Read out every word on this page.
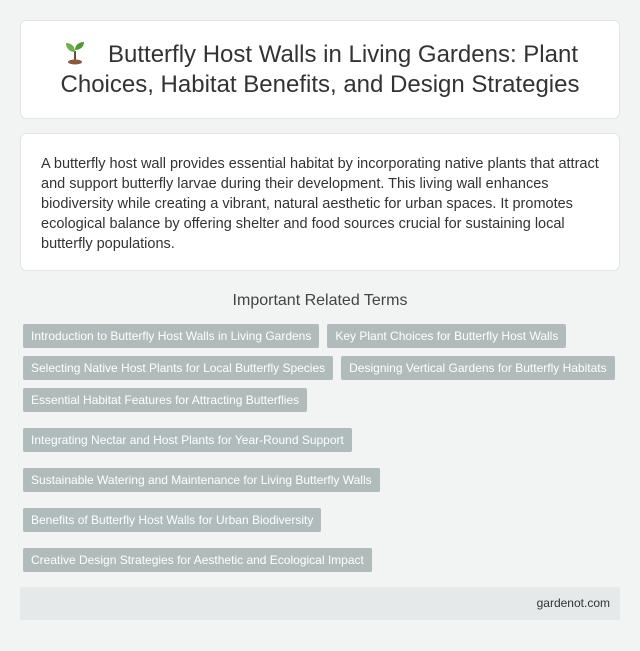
Butterfly Host Walls in Living Gardens: Plant Choices, Habitat Benefits, and Design Strategies

A butterfly host wall provides essential habitat by incorporating native plants that attract and support butterfly larvae during their development. This living wall enhances biodiversity while creating a vibrant, natural aesthetic for urban spaces. It promotes ecological balance by offering shelter and food sources crucial for sustaining local butterfly populations.

Important Related Terms
Introduction to Butterfly Host Walls in Living Gardens	Key Plant Choices for Butterfly Host Walls
Selecting Native Host Plants for Local Butterfly Species	Designing Vertical Gardens for Butterfly Habitats
Essential Habitat Features for Attracting Butterflies
Integrating Nectar and Host Plants for Year-Round Support
Sustainable Watering and Maintenance for Living Butterfly Walls
Benefits of Butterfly Host Walls for Urban Biodiversity
Creative Design Strategies for Aesthetic and Ecological Impact
gardenot.com
